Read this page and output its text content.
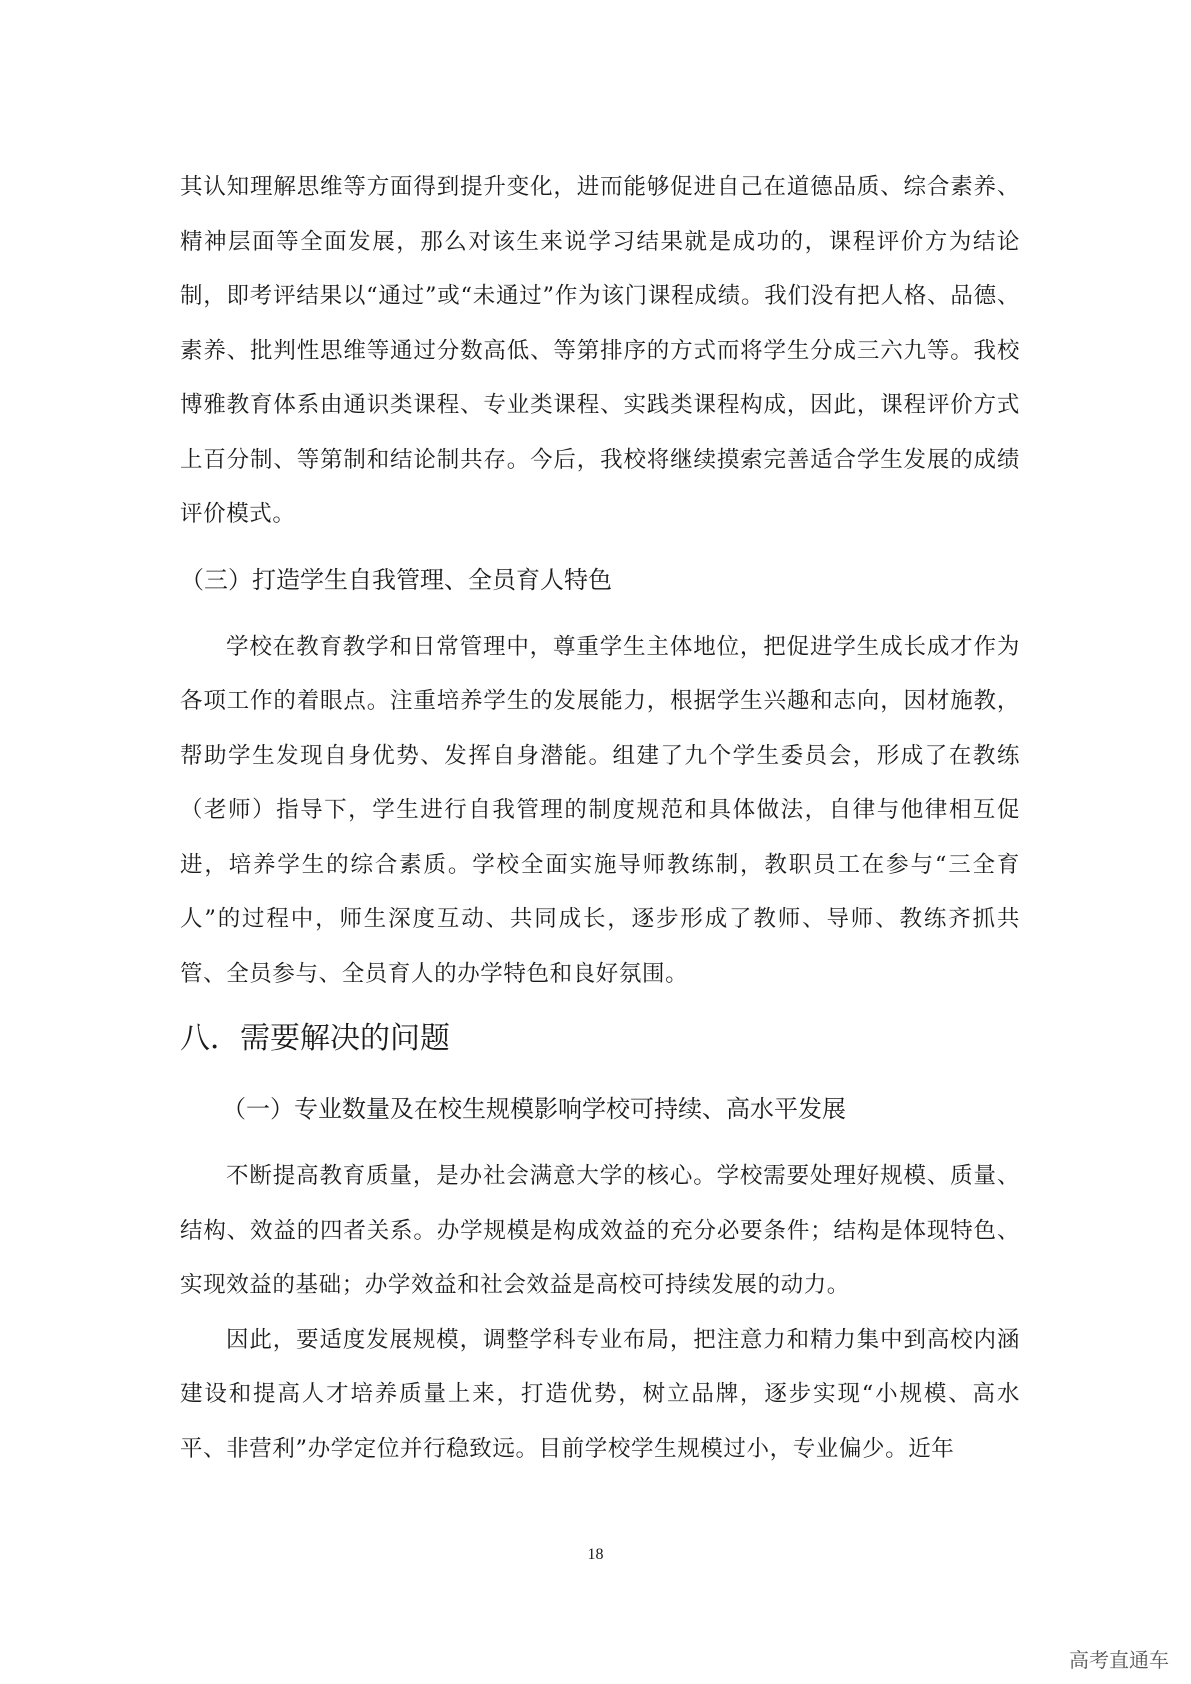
其认知理解思维等方面得到提升变化，进而能够促进自己在道德品质、综合素养、精神层面等全面发展，那么对该生来说学习结果就是成功的，课程评价方为结论制，即考评结果以“通过”或“未通过”作为该门课程成绩。我们没有把人格、品德、素养、批判性思维等通过分数高低、等第排序的方式而将学生分成三六九等。我校博雅教育体系由通识类课程、专业类课程、实践类课程构成，因此，课程评价方式上百分制、等第制和结论制共存。今后，我校将继续摸索完善适合学生发展的成绩评价模式。

（三）打造学生自我管理、全员育人特色

学校在教育教学和日常管理中，尊重学生主体地位，把促进学生成长成才作为各项工作的着眼点。注重培养学生的发展能力，根据学生兴趣和志向，因材施教，帮助学生发现自身优势、发挥自身潜能。组建了九个学生委员会，形成了在教练（老师）指导下，学生进行自我管理的制度规范和具体做法，自律与他律相互促进，培养学生的综合素质。学校全面实施导师教练制，教职员工在参与“三全育人”的过程中，师生深度互动、共同成长，逐步形成了教师、导师、教练齐抓共管、全员参与、全员育人的办学特色和良好氛围。

八．需要解决的问题
（一）专业数量及在校生规模影响学校可持续、高水平发展

不断提高教育质量，是办社会满意大学的核心。学校需要处理好规模、质量、结构、效益的四者关系。办学规模是构成效益的充分必要条件；结构是体现特色、实现效益的基础；办学效益和社会效益是高校可持续发展的动力。

因此，要适度发展规模，调整学科专业布局，把注意力和精力集中到高校内涵建设和提高人才培养质量上来，打造优势，树立品牌，逐步实现“小规模、高水平、非营利”办学定位并行稳致远。目前学校学生规模过小，专业偏少。近年

18
高考直通车
